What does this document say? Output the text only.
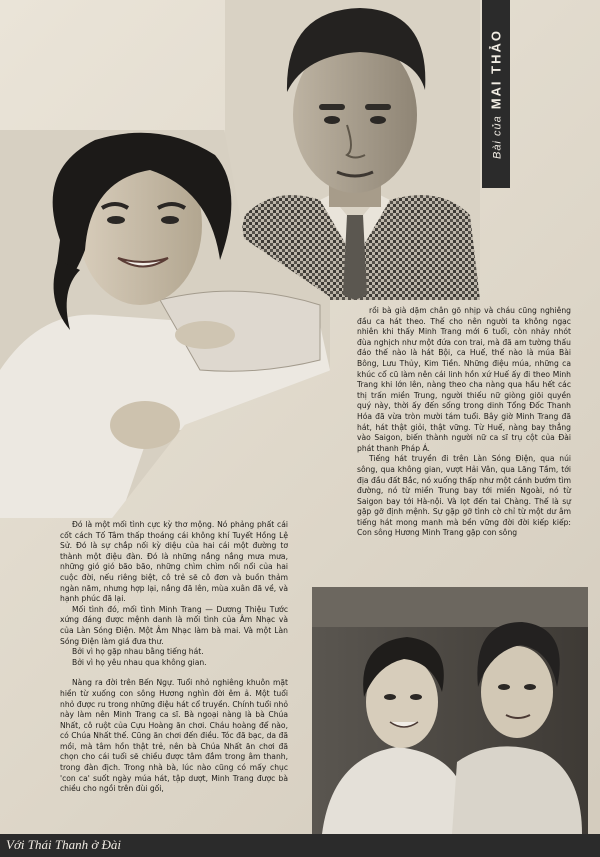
Bài củaMAI THẢO

rồi bà già dặm chân gõ nhịp và cháu cũng nghiêng đầu ca hát theo. Thế cho nên người ta không ngạc nhiên khi thấy Minh Trang mới 6 tuổi, còn nhảy nhót đùa nghịch như một đứa con trai, mà đã am tường thấu đáo thế nào là hát Bội, ca Huế, thế nào là múa Bài Bông, Lưu Thủy, Kim Tiền. Những điệu múa, những ca khúc cổ cũ làm nên cái linh hồn xứ Huế ấy đi theo Minh Trang khi lớn lên, nàng theo cha nàng qua hầu hết các thị trấn miền Trung, người thiếu nữ giòng giõi quyền quý này, thời ấy đến sống trong dinh Tổng Đốc Thanh Hóa đã vừa tròn mười tám tuổi. Bây giờ Minh Trang đã hát, hát thật giỏi, thật vững. Từ Huế, nàng bay thẳng vào Saigon, biến thành người nữ ca sĩ trụ cột của Đài phát thanh Pháp Á.

Tiếng hát truyền đi trên Làn Sóng Điện, qua núi sông, qua không gian, vượt Hải Vân, qua Lăng Tầm, tới địa đầu đất Bắc, nó xuống thấp như một cánh bướm tìm đường, nó từ miền Trung bay tới miền Ngoài, nó từ Saigon bay tới Hà-nội. Và lọt đến tai Chàng. Thế là sự gặp gỡ định mệnh. Sự gặp gỡ tình cờ chỉ từ một dư âm tiếng hát mong manh mà bền vững đời đời kiếp kiếp: Con sông Hương Minh Trang gặp con sông

Đó là một mối tình cực kỳ thơ mộng. Nó phảng phất cái cốt cách Tố Tâm thấp thoáng cái không khí Tuyết Hồng Lệ Sử. Đó là sự chắp nối kỳ diệu của hai cái một đường tơ thành một điệu đàn. Đó là những nắng nắng mưa mưa, những gió gió bão bão, những chìm chìm nổi nổi của hai cuộc đời, nếu riêng biệt, cô trẻ sẽ cô đơn và buồn thảm ngàn năm, nhưng hợp lại, nắng đã lên, mùa xuân đã về, và hạnh phúc đã lại.

Mối tình đó, mối tình Minh Trang — Dương Thiệu Tước xứng đáng được mệnh danh là mối tình của Âm Nhạc và của Làn Sóng Điện. Một Âm Nhạc làm bà mai. Và một Làn Sóng Điện làm giá đưa thư.

Bởi vì họ gặp nhau bằng tiếng hát.

Bởi vì họ yêu nhau qua không gian.

Nàng ra đời trên Bến Ngự. Tuổi nhỏ nghiêng khuôn mặt hiền từ xuống con sông Hương nghìn đời êm ả. Một tuổi nhỏ được ru trong những điệu hát cổ truyền. Chính tuổi nhỏ này làm nên Minh Trang ca sĩ. Bà ngoại nàng là bà Chúa Nhất, cô ruột của Cựu Hoàng ăn chơi. Cháu hoàng để nào, có Chúa Nhất thế. Cũng ăn chơi đến điều. Tóc đã bạc, da đã mồi, mà tâm hồn thật trẻ, nên bà Chúa Nhất ăn chơi đã chọn cho cái tuổi sẽ chiều được tâm đắm trong âm thanh, trong đàn địch. Trong nhà bà, lúc nào cũng có mấy chục 'con ca' suốt ngày múa hát, tập dượt, Minh Trang được bà chiều cho ngồi trên đùi gối,

Với Thái Thanh ở Đài
